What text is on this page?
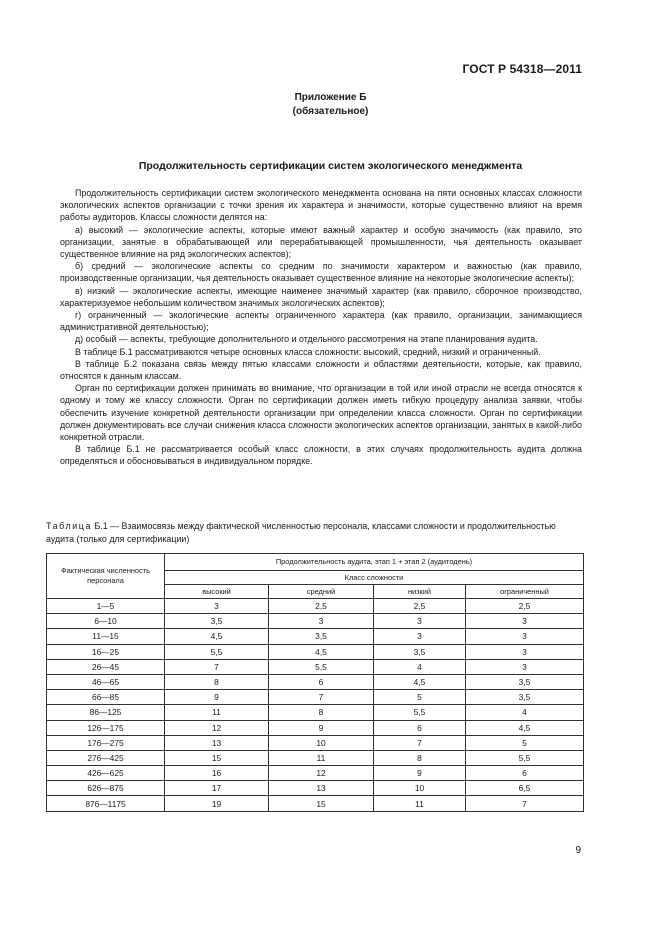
ГОСТ Р 54318—2011
Приложение Б
(обязательное)
Продолжительность сертификации систем экологического менеджмента

Продолжительность сертификации систем экологического менеджмента основана на пяти основных классах сложности экологических аспектов организации с точки зрения их характера и значимости, которые существенно влияют на время работы аудиторов. Классы сложности делятся на:

а) высокий — экологические аспекты, которые имеют важный характер и особую значимость (как правило, это организации, занятые в обрабатывающей или перерабатывающей промышленности, чья деятельность оказывает существенное влияние на ряд экологических аспектов);

б) средний — экологические аспекты со средним по значимости характером и важностью (как правило, производственные организации, чья деятельность оказывает существенное влияние на некоторые экологические аспекты);

в) низкий — экологические аспекты, имеющие наименее значимый характер (как правило, сборочное производство, характеризуемое небольшим количеством значимых экологических аспектов);

г) ограниченный — экологические аспекты ограниченного характера (как правило, организации, занимающиеся административной деятельностью);

д) особый — аспекты, требующие дополнительного и отдельного рассмотрения на этапе планирования аудита.

В таблице Б.1 рассматриваются четыре основных класса сложности: высокий, средний, низкий и ограниченный.

В таблице Б.2 показана связь между пятью классами сложности и областями деятельности, которые, как правило, относятся к данным классам.

Орган по сертификации должен принимать во внимание, что организации в той или иной отрасли не всегда относятся к одному и тому же классу сложности. Орган по сертификации должен иметь гибкую процедуру анализа заявки, чтобы обеспечить изучение конкретной деятельности организации при определении класса сложности. Орган по сертификации должен документировать все случаи снижения класса сложности экологических аспектов организации, занятых в какой-либо конкретной отрасли.

В таблице Б.1 не рассматривается особый класс сложности, в этих случаях продолжительность аудита должна определяться и обосновываться в индивидуальном порядке.

Таблица Б.1 — Взаимосвязь между фактической численностью персонала, классами сложности и продолжительностью аудита (только для сертификации)
Фактическая численность персонала	Продолжительность аудита, этап 1 + этап 2 (аудитодень)			
	Класс сложности			
	высокий	средний	низкий	ограниченный
1—5	3	2,5	2,5	2,5
6—10	3,5	3	3	3
11—15	4,5	3,5	3	3
16—25	5,5	4,5	3,5	3
26—45	7	5,5	4	3
46—65	8	6	4,5	3,5
66—85	9	7	5	3,5
86—125	11	8	5,5	4
126—175	12	9	6	4,5
176—275	13	10	7	5
276—425	15	11	8	5,5
426—625	16	12	9	6
626—875	17	13	10	6,5
876—1175	19	15	11	7
9
